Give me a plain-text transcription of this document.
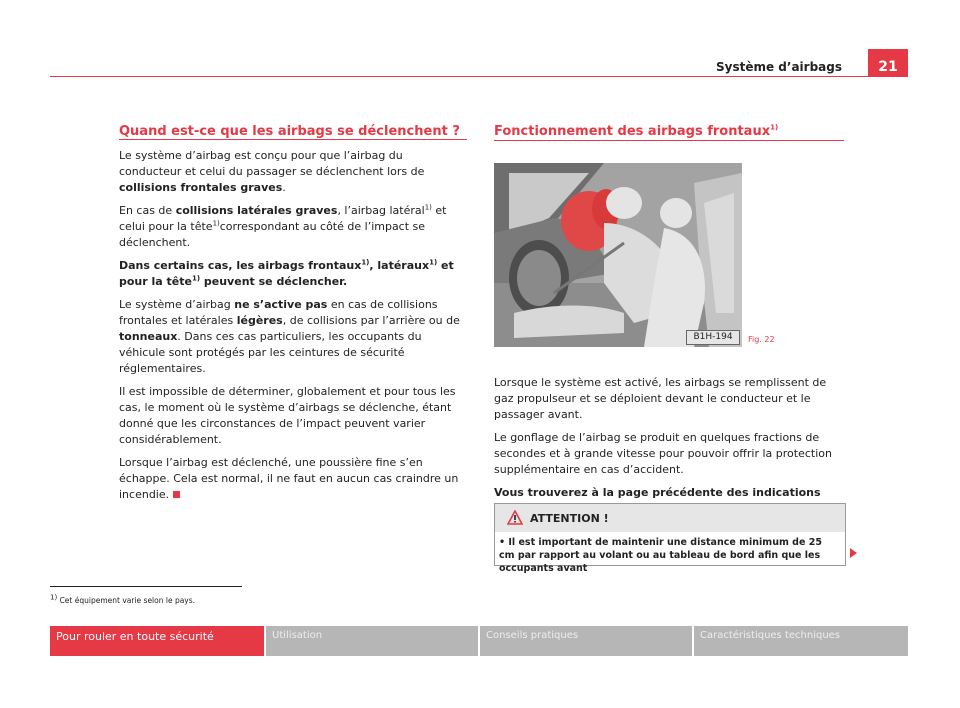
Système d’airbags	21
Quand est-ce que les airbags se déclenchent ?

Le système d’airbag est conçu pour que l’airbag du conducteur et celui du passager se déclenchent lors de collisions frontales graves.

En cas de collisions latérales graves, l’airbag latéral$^{1)}$ et celui pour la tête$^{1)}$correspondant au côté de l’impact se déclenchent.

Dans certains cas, les airbags frontaux$^{1)}$, latéraux$^{1)}$ et pour la tête$^{1)}$ peuvent se déclencher.

Le système d’airbag ne s’active pas en cas de collisions frontales et latérales légères, de collisions par l’arrière ou de tonneaux. Dans ces cas particuliers, les occupants du véhicule sont protégés par les ceintures de sécurité réglementaires.

Il est impossible de déterminer, globalement et pour tous les cas, le moment où le système d’airbags se déclenche, étant donné que les circonstances de l’impact peuvent varier considérablement.

Lorsque l’airbag est déclenché, une poussière fine s’en échappe. Cela est normal, il ne faut en aucun cas craindre un incendie.

Fonctionnement des airbags frontaux$^{1)}$
B1H-194	Fig. 22

Lorsque le système est activé, les airbags se remplissent de gaz propulseur et se déploient devant le conducteur et le passager avant.

Le gonflage de l’airbag se produit en quelques fractions de secondes et à grande vitesse pour pouvoir offrir la protection supplémentaire en cas d’accident.

Vous trouverez à la page précédente des indications

ATTENTION !
• Il est important de maintenir une distance minimum de 25 cm par rapport au volant ou au tableau de bord afin que les occupants avant
$^{1)}$ Cet équipement varie selon le pays.
Pour rouler en toute sécurité	Utilisation	Conseils pratiques	Caractéristiques techniques
